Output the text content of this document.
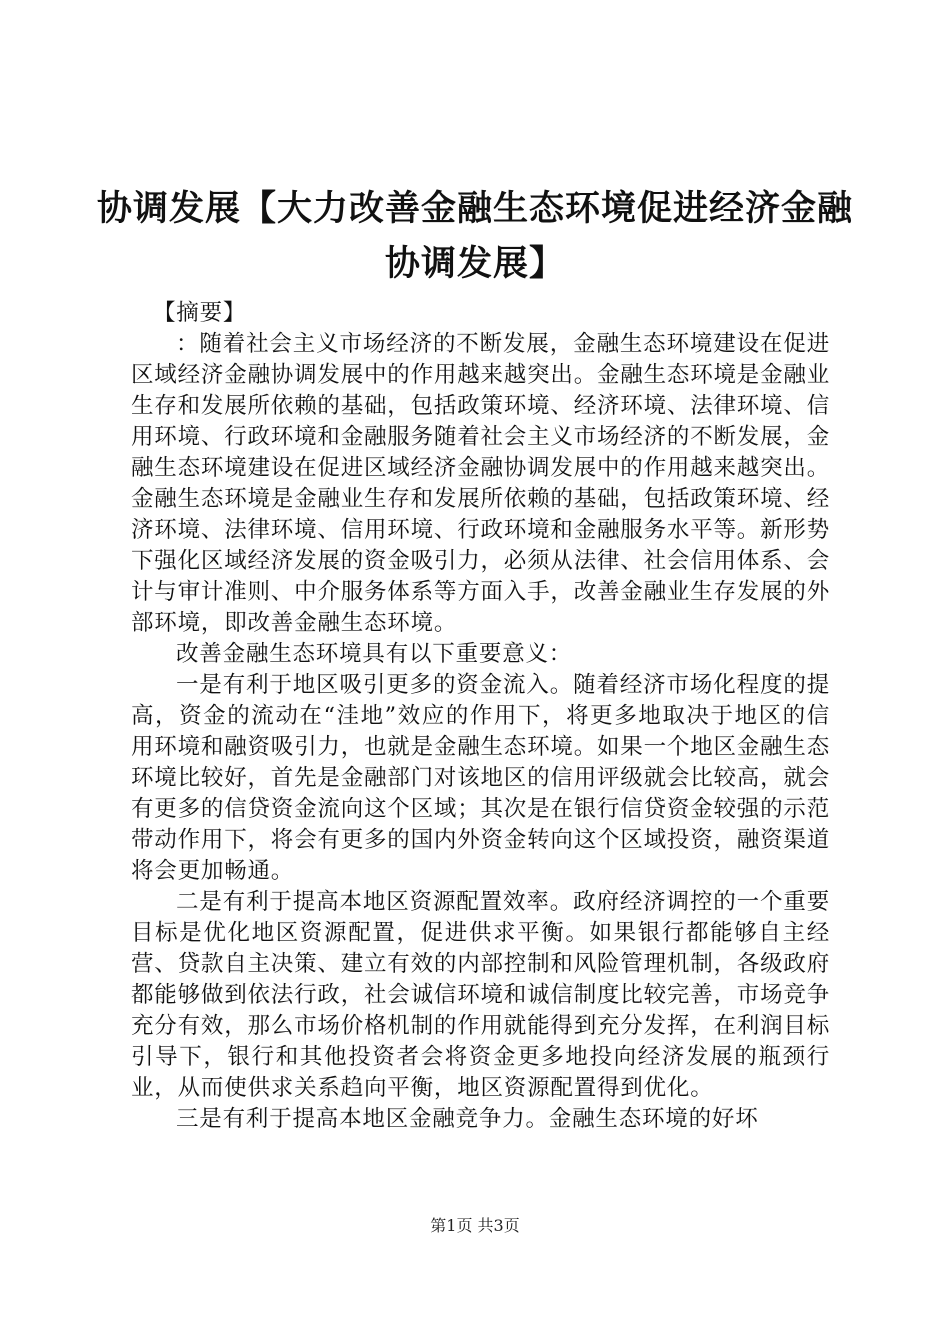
协调发展【大力改善金融生态环境促进经济金融协调发展】

【摘要】

：随着社会主义市场经济的不断发展，金融生态环境建设在促进区域经济金融协调发展中的作用越来越突出。金融生态环境是金融业生存和发展所依赖的基础，包括政策环境、经济环境、法律环境、信用环境、行政环境和金融服务随着社会主义市场经济的不断发展，金融生态环境建设在促进区域经济金融协调发展中的作用越来越突出。金融生态环境是金融业生存和发展所依赖的基础，包括政策环境、经济环境、法律环境、信用环境、行政环境和金融服务水平等。新形势下强化区域经济发展的资金吸引力，必须从法律、社会信用体系、会计与审计准则、中介服务体系等方面入手，改善金融业生存发展的外部环境，即改善金融生态环境。

改善金融生态环境具有以下重要意义：

一是有利于地区吸引更多的资金流入。随着经济市场化程度的提高，资金的流动在“洼地”效应的作用下，将更多地取决于地区的信用环境和融资吸引力，也就是金融生态环境。如果一个地区金融生态环境比较好，首先是金融部门对该地区的信用评级就会比较高，就会有更多的信贷资金流向这个区域；其次是在银行信贷资金较强的示范带动作用下，将会有更多的国内外资金转向这个区域投资，融资渠道将会更加畅通。

二是有利于提高本地区资源配置效率。政府经济调控的一个重要目标是优化地区资源配置，促进供求平衡。如果银行都能够自主经营、贷款自主决策、建立有效的内部控制和风险管理机制，各级政府都能够做到依法行政，社会诚信环境和诚信制度比较完善，市场竞争充分有效，那么市场价格机制的作用就能得到充分发挥，在利润目标引导下，银行和其他投资者会将资金更多地投向经济发展的瓶颈行业，从而使供求关系趋向平衡，地区资源配置得到优化。

三是有利于提高本地区金融竞争力。金融生态环境的好坏

第1页 共3页
